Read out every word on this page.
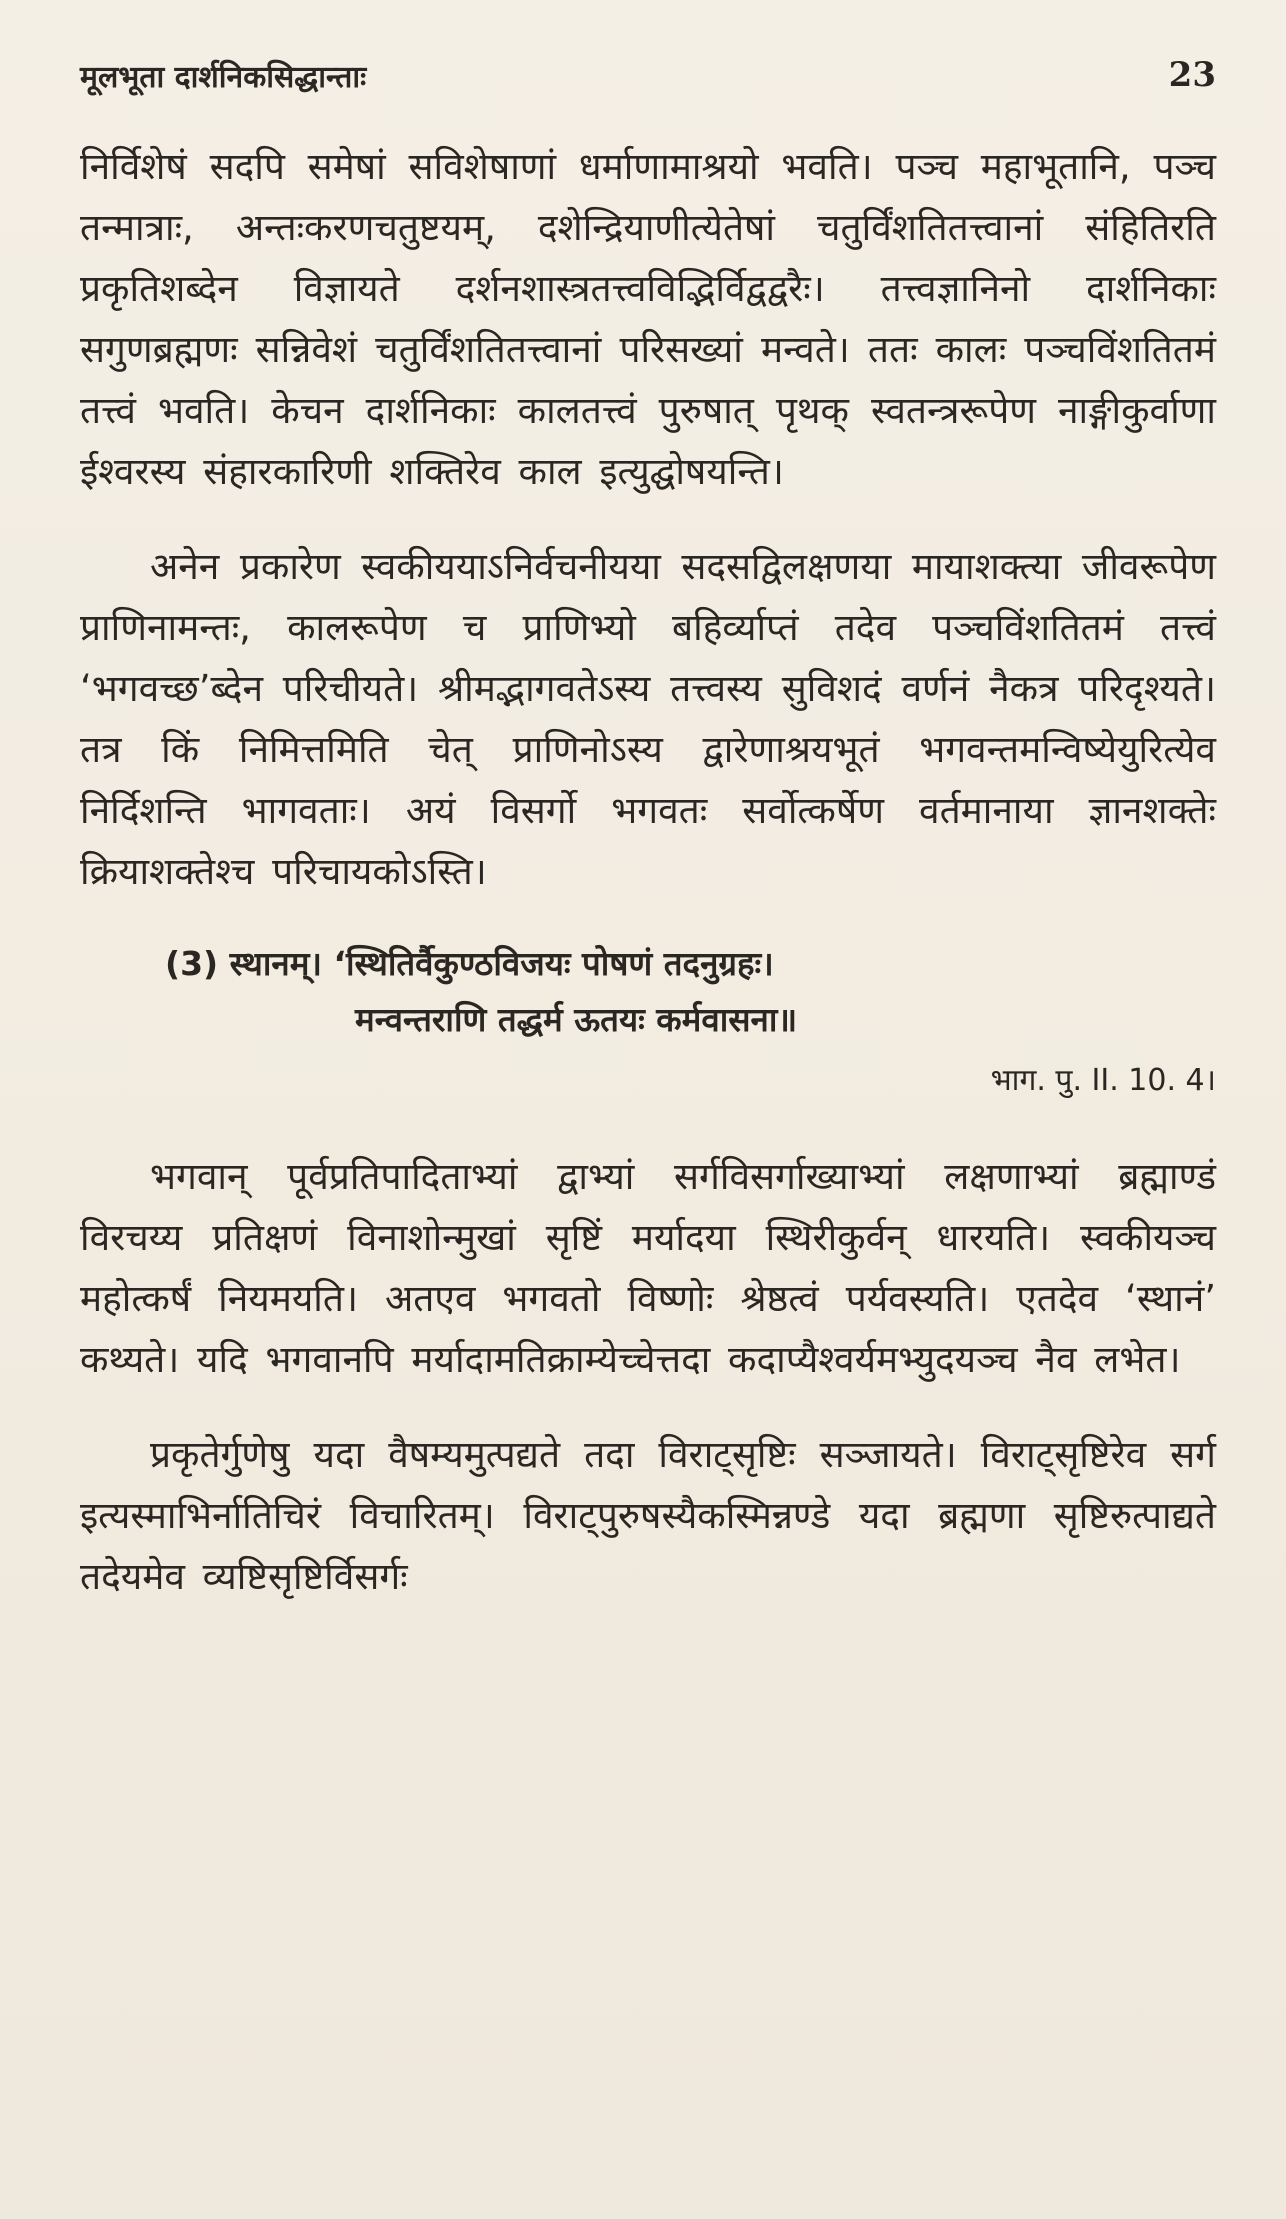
मूलभूता दार्शनिकसिद्धान्ताः	23

निर्विशेषं सदपि समेषां सविशेषाणां धर्माणामाश्रयो भवति। पञ्च महाभूतानि, पञ्च तन्मात्राः, अन्तःकरणचतुष्टयम्, दशेन्द्रियाणीत्येतेषां चतुर्विंशतितत्त्वानां संहितिरति प्रकृतिशब्देन विज्ञायते दर्शनशास्त्रतत्त्वविद्भिर्विद्वद्वरैः। तत्त्वज्ञानिनो दार्शनिकाः सगुणब्रह्मणः सन्निवेशं चतुर्विंशतितत्त्वानां परिसख्यां मन्वते। ततः कालः पञ्चविंशतितमं तत्त्वं भवति। केचन दार्शनिकाः कालतत्त्वं पुरुषात् पृथक् स्वतन्त्ररूपेण नाङ्गीकुर्वाणा ईश्वरस्य संहारकारिणी शक्तिरेव काल इत्युद्घोषयन्ति।

अनेन प्रकारेण स्वकीययाऽनिर्वचनीयया सदसद्विलक्षणया मायाशक्त्या जीवरूपेण प्राणिनामन्तः, कालरूपेण च प्राणिभ्यो बहिर्व्याप्तं तदेव पञ्चविंशतितमं तत्त्वं ‘भगवच्छ’ब्देन परिचीयते। श्रीमद्भागवतेऽस्य तत्त्वस्य सुविशदं वर्णनं नैकत्र परिदृश्यते। तत्र किं निमित्तमिति चेत् प्राणिनोऽस्य द्वारेणाश्रयभूतं भगवन्तमन्विष्येयुरित्येव निर्दिशन्ति भागवताः। अयं विसर्गो भगवतः सर्वोत्कर्षेण वर्तमानाया ज्ञानशक्तेः क्रियाशक्तेश्च परिचायकोऽस्ति।

(3) स्थानम्। ‘स्थितिर्वैकुण्ठविजयः पोषणं तदनुग्रहः।
मन्वन्तराणि तद्धर्म ऊतयः कर्मवासना॥
भाग. पु. II. 10. 4।

भगवान् पूर्वप्रतिपादिताभ्यां द्वाभ्यां सर्गविसर्गाख्याभ्यां लक्षणाभ्यां ब्रह्माण्डं विरचय्य प्रतिक्षणं विनाशोन्मुखां सृष्टिं मर्यादया स्थिरीकुर्वन् धारयति। स्वकीयञ्च महोत्कर्षं नियमयति। अतएव भगवतो विष्णोः श्रेष्ठत्वं पर्यवस्यति। एतदेव ‘स्थानं’ कथ्यते। यदि भगवानपि मर्यादामतिक्राम्येच्चेत्तदा कदाप्यैश्वर्यमभ्युदयञ्च नैव लभेत।

प्रकृतेर्गुणेषु यदा वैषम्यमुत्पद्यते तदा विराट्सृष्टिः सञ्जायते। विराट्सृष्टिरेव सर्ग इत्यस्माभिर्नातिचिरं विचारितम्। विराट्पुरुषस्यैकस्मिन्नण्डे यदा ब्रह्मणा सृष्टिरुत्पाद्यते तदेयमेव व्यष्टिसृष्टिर्विसर्गः
